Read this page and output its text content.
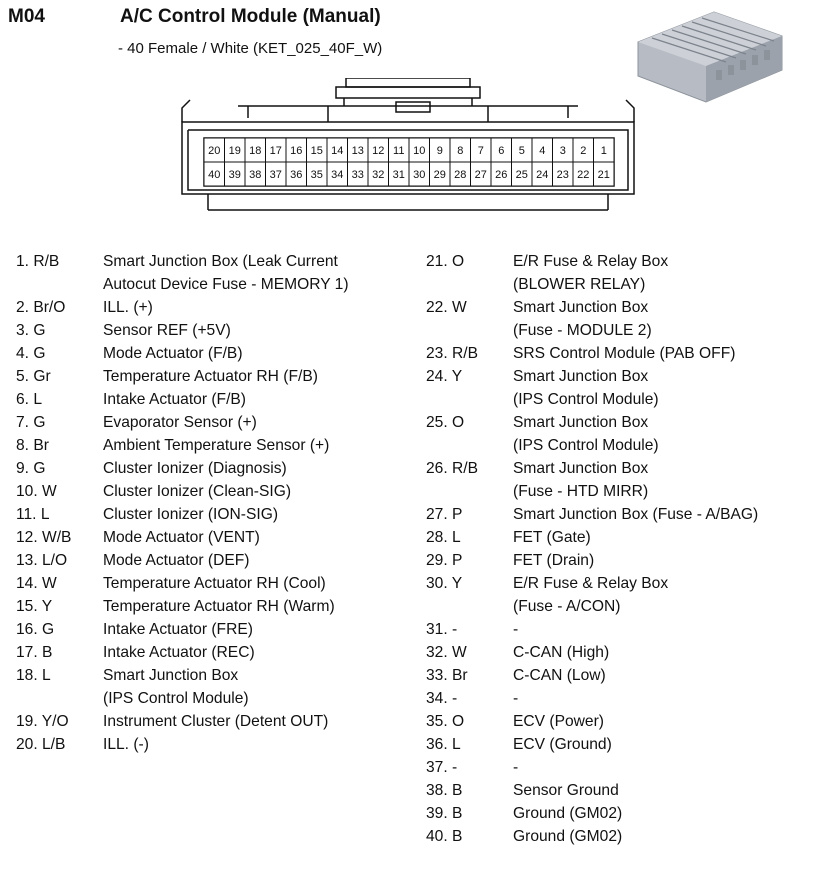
M04	A/C Control Module (Manual)
- 40 Female / White (KET_025_40F_W)
20 19 18 17 16 15 14 13 12 11 10 9 8 7 6 5 4 3 2 1
40 39 38 37 36 35 34 33 32 31 30 29 28 27 26 25 24 23 22 21
1. R/B	Smart Junction Box (Leak Current
Autocut Device Fuse - MEMORY 1)
2. Br/O	ILL. (+)
3. G	Sensor REF (+5V)
4. G	Mode Actuator (F/B)
5. Gr	Temperature Actuator RH (F/B)
6. L	Intake Actuator (F/B)
7. G	Evaporator Sensor (+)
8. Br	Ambient Temperature Sensor (+)
9. G	Cluster Ionizer (Diagnosis)
10. W	Cluster Ionizer (Clean-SIG)
11. L	Cluster Ionizer (ION-SIG)
12. W/B	Mode Actuator (VENT)
13. L/O	Mode Actuator (DEF)
14. W	Temperature Actuator RH (Cool)
15. Y	Temperature Actuator RH (Warm)
16. G	Intake Actuator (FRE)
17. B	Intake Actuator (REC)
18. L	Smart Junction Box
(IPS Control Module)
19. Y/O	Instrument Cluster (Detent OUT)
20. L/B	ILL. (-)
21. O	E/R Fuse & Relay Box
(BLOWER RELAY)
22. W	Smart Junction Box
(Fuse - MODULE 2)
23. R/B	SRS Control Module (PAB OFF)
24. Y	Smart Junction Box
(IPS Control Module)
25. O	Smart Junction Box
(IPS Control Module)
26. R/B	Smart Junction Box
(Fuse - HTD MIRR)
27. P	Smart Junction Box (Fuse - A/BAG)
28. L	FET (Gate)
29. P	FET (Drain)
30. Y	E/R Fuse & Relay Box
(Fuse - A/CON)
31. -	-
32. W	C-CAN (High)
33. Br	C-CAN (Low)
34. -	-
35. O	ECV (Power)
36. L	ECV (Ground)
37. -	-
38. B	Sensor Ground
39. B	Ground (GM02)
40. B	Ground (GM02)
